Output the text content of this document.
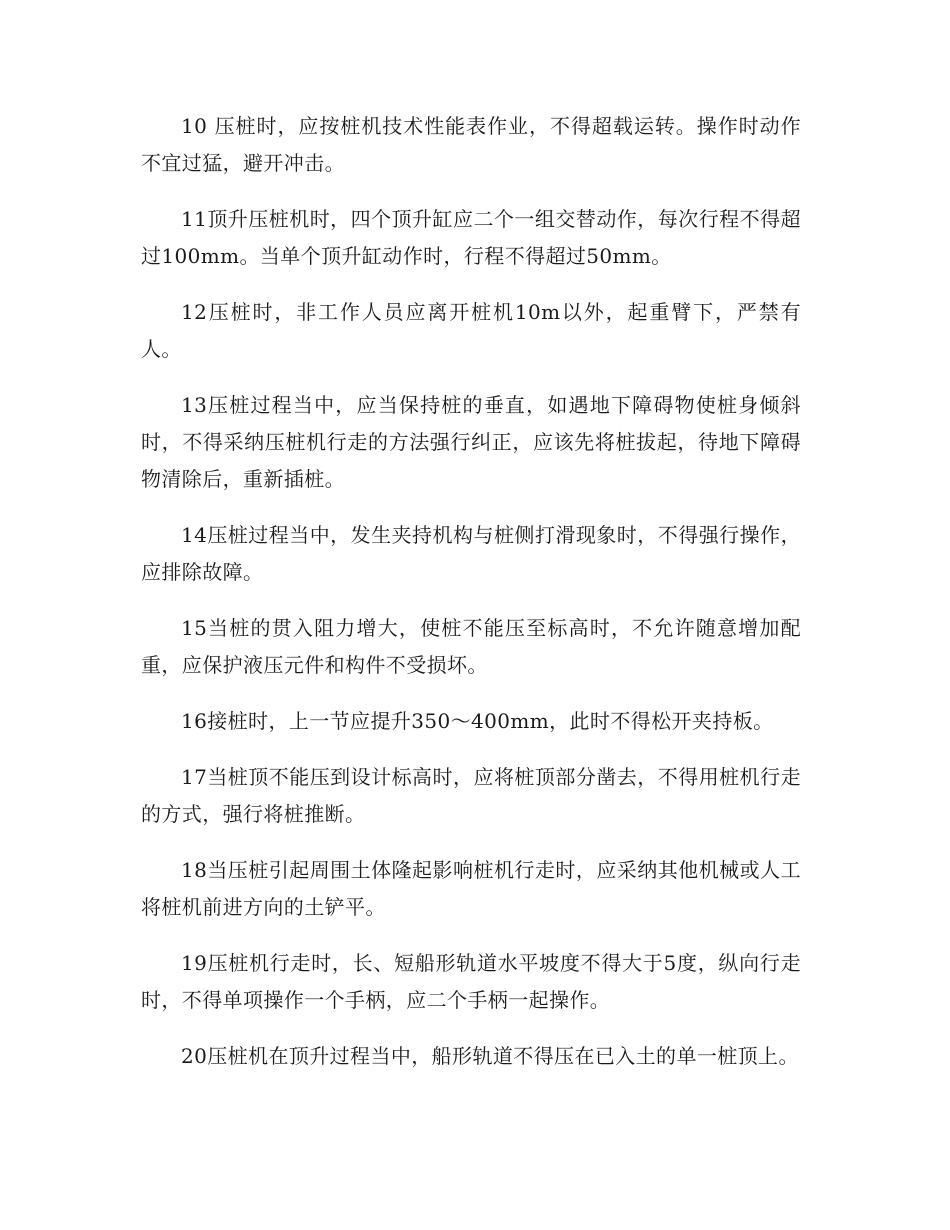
10 压桩时，应按桩机技术性能表作业，不得超载运转。操作时动作不宜过猛，避开冲击。

11顶升压桩机时，四个顶升缸应二个一组交替动作，每次行程不得超过100mm。当单个顶升缸动作时，行程不得超过50mm。

12压桩时，非工作人员应离开桩机10m以外，起重臂下，严禁有人。

13压桩过程当中，应当保持桩的垂直，如遇地下障碍物使桩身倾斜时，不得采纳压桩机行走的方法强行纠正，应该先将桩拔起，待地下障碍物清除后，重新插桩。

14压桩过程当中，发生夹持机构与桩侧打滑现象时，不得强行操作，应排除故障。

15当桩的贯入阻力增大，使桩不能压至标高时，不允许随意增加配重，应保护液压元件和构件不受损坏。

16接桩时，上一节应提升350～400mm，此时不得松开夹持板。

17当桩顶不能压到设计标高时，应将桩顶部分凿去，不得用桩机行走的方式，强行将桩推断。

18当压桩引起周围土体隆起影响桩机行走时，应采纳其他机械或人工将桩机前进方向的土铲平。

19压桩机行走时，长、短船形轨道水平坡度不得大于5度，纵向行走时，不得单项操作一个手柄，应二个手柄一起操作。

20压桩机在顶升过程当中，船形轨道不得压在已入土的单一桩顶上。
